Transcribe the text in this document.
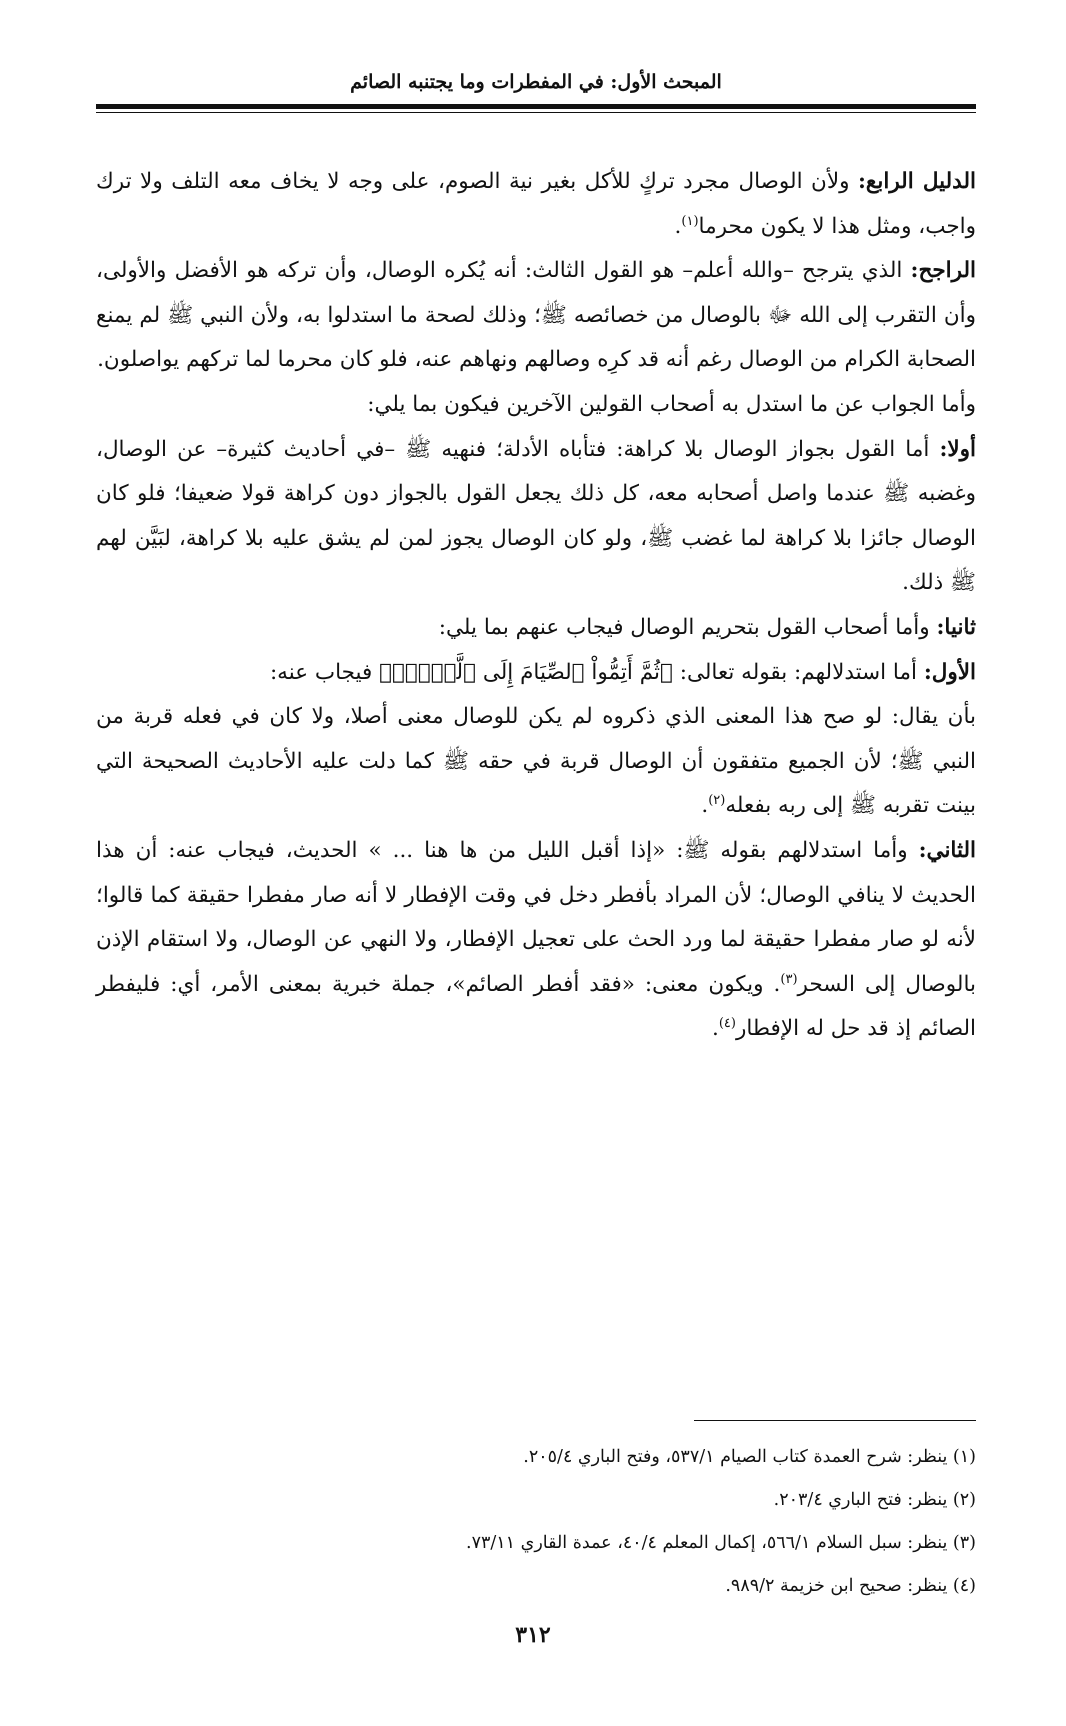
المبحث الأول: في المفطرات وما يجتنبه الصائم

الدليل الرابع: ولأن الوصال مجرد تركٍ للأكل بغير نية الصوم، على وجه لا يخاف معه التلف ولا ترك واجب، ومثل هذا لا يكون محرما$^{(١)}$.

الراجح: الذي يترجح –والله أعلم– هو القول الثالث: أنه يُكره الوصال، وأن تركه هو الأفضل والأولى، وأن التقرب إلى الله ﷻ بالوصال من خصائصه ﷺ؛ وذلك لصحة ما استدلوا به، ولأن النبي ﷺ لم يمنع الصحابة الكرام من الوصال رغم أنه قد كرِه وصالهم ونهاهم عنه، فلو كان محرما لما تركهم يواصلون.

وأما الجواب عن ما استدل به أصحاب القولين الآخرين فيكون بما يلي:

أولا: أما القول بجواز الوصال بلا كراهة: فتأباه الأدلة؛ فنهيه ﷺ –في أحاديث كثيرة– عن الوصال، وغضبه ﷺ عندما واصل أصحابه معه، كل ذلك يجعل القول بالجواز دون كراهة قولا ضعيفا؛ فلو كان الوصال جائزا بلا كراهة لما غضب ﷺ، ولو كان الوصال يجوز لمن لم يشق عليه بلا كراهة، لبَيَّن لهم ﷺ ذلك.

ثانيا: وأما أصحاب القول بتحريم الوصال فيجاب عنهم بما يلي:

الأول: أما استدلالهم: بقوله تعالى: ﴿ثُمَّ أَتِمُّواْ ٱلصِّيَامَ إِلَى ٱلَّيۡلِۚ﴾ فيجاب عنه:

بأن يقال: لو صح هذا المعنى الذي ذكروه لم يكن للوصال معنى أصلا، ولا كان في فعله قربة من النبي ﷺ؛ لأن الجميع متفقون أن الوصال قربة في حقه ﷺ كما دلت عليه الأحاديث الصحيحة التي بينت تقربه ﷺ إلى ربه بفعله$^{(٢)}$.

الثاني: وأما استدلالهم بقوله ﷺ: «إذا أقبل الليل من ها هنا ... » الحديث، فيجاب عنه: أن هذا الحديث لا ينافي الوصال؛ لأن المراد بأفطر دخل في وقت الإفطار لا أنه صار مفطرا حقيقة كما قالوا؛ لأنه لو صار مفطرا حقيقة لما ورد الحث على تعجيل الإفطار، ولا النهي عن الوصال، ولا استقام الإذن بالوصال إلى السحر$^{(٣)}$. ويكون معنى: «فقد أفطر الصائم»، جملة خبرية بمعنى الأمر، أي: فليفطر الصائم إذ قد حل له الإفطار$^{(٤)}$.

(١) ينظر: شرح العمدة كتاب الصيام ٥٣٧/١، وفتح الباري ٢٠٥/٤.

(٢) ينظر: فتح الباري ٢٠٣/٤.

(٣) ينظر: سبل السلام ٥٦٦/١، إكمال المعلم ٤٠/٤، عمدة القاري ٧٣/١١.

(٤) ينظر: صحيح ابن خزيمة ٩٨٩/٢.

٣١٢
